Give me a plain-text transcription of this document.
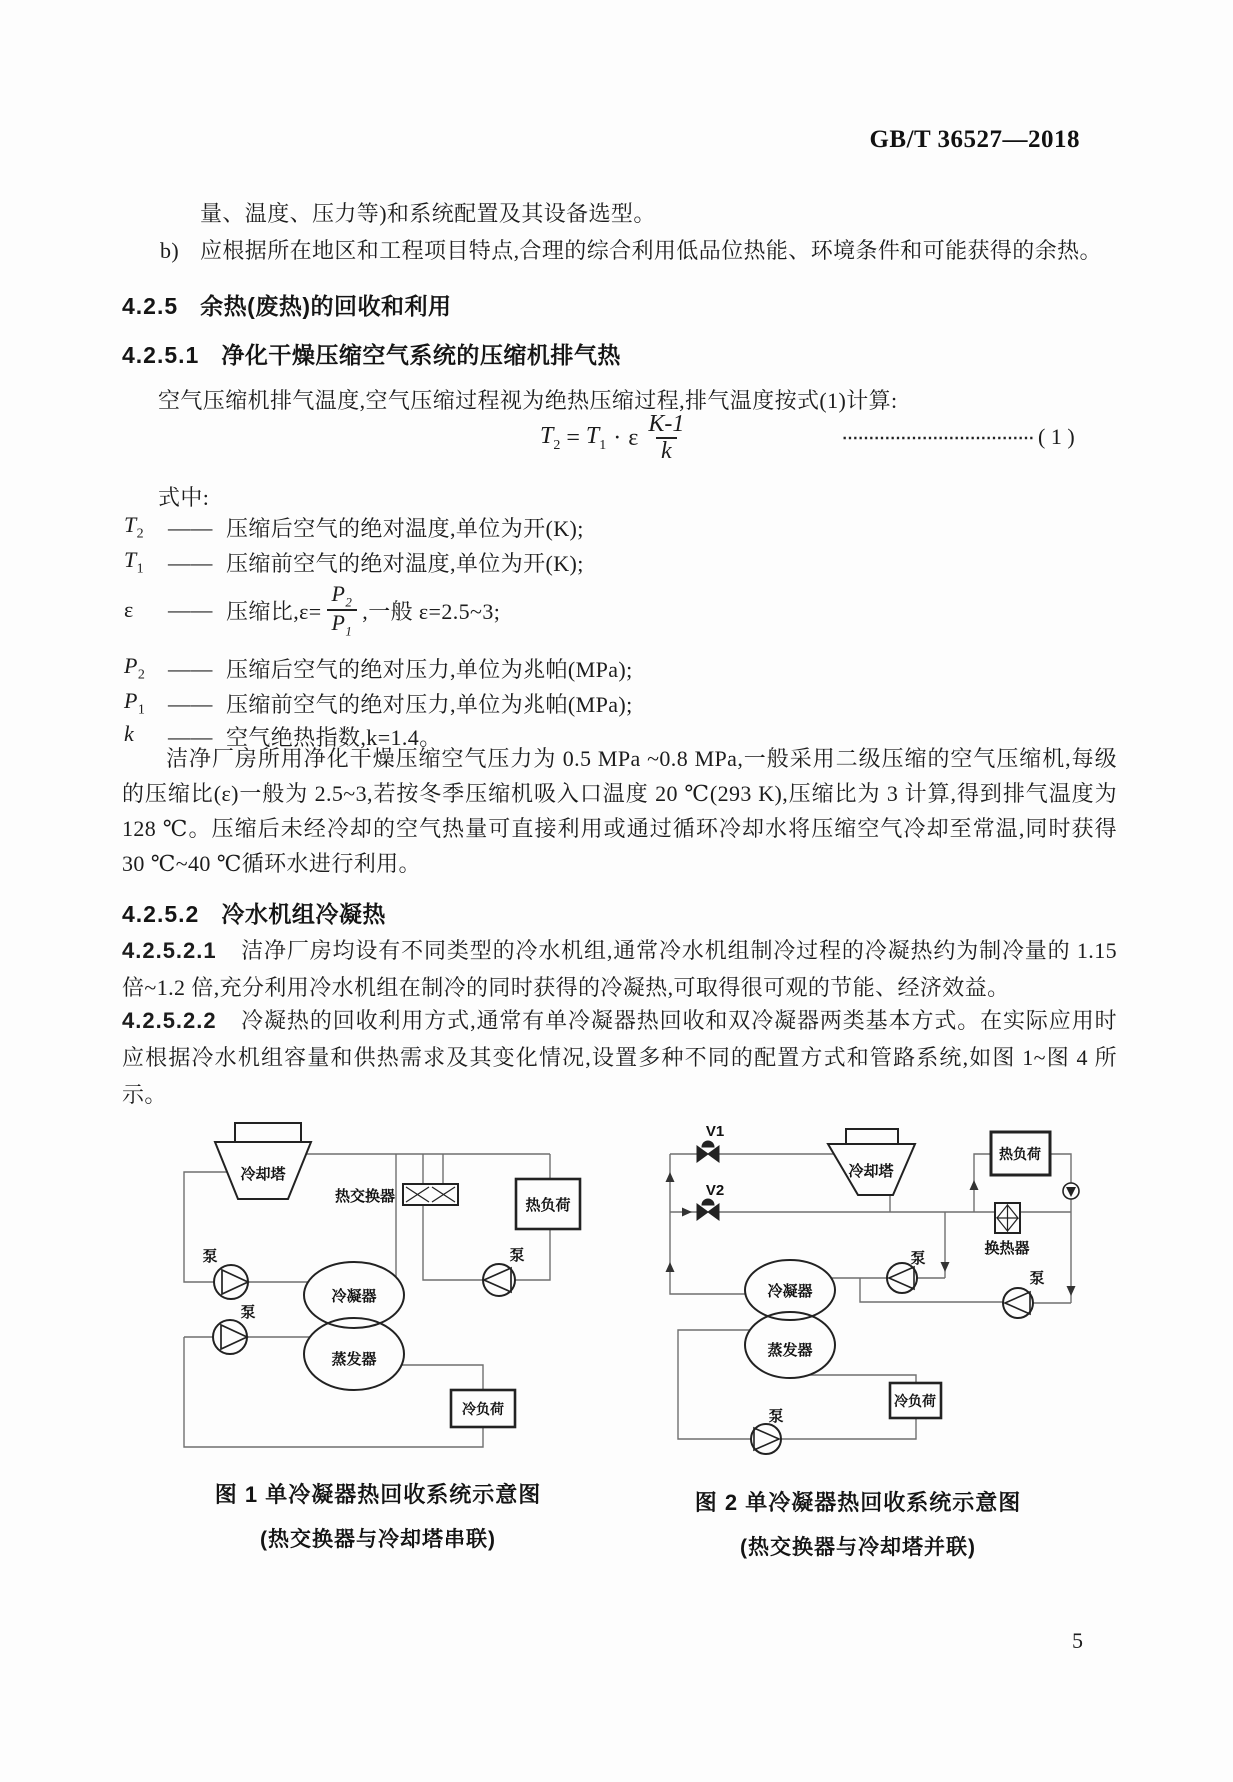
GB/T 36527—2018
量、温度、压力等)和系统配置及其设备选型。
b) 应根据所在地区和工程项目特点,合理的综合利用低品位热能、环境条件和可能获得的余热。
4.2.5 余热(废热)的回收和利用
4.2.5.1 净化干燥压缩空气系统的压缩机排气热
空气压缩机排气温度,空气压缩过程视为绝热压缩过程,排气温度按式(1)计算:
$T_2 = T_1 \cdot \varepsilon \frac{K-1}{k}$	⋯⋯⋯⋯⋯⋯⋯⋯⋯⋯⋯⋯ ( 1 )
式中:
$T_2$	—— 压缩后空气的绝对温度,单位为开(K);
$T_1$	—— 压缩前空气的绝对温度,单位为开(K);
ε	—— 压缩比$,\varepsilon= \frac{P_2}{P_1}$ ,一般 ε=2.5~3;
$P_2$	—— 压缩后空气的绝对压力,单位为兆帕(MPa);
$P_1$	—— 压缩前空气的绝对压力,单位为兆帕(MPa);
k	—— 空气绝热指数,k=1.4。
洁净厂房所用净化干燥压缩空气压力为 0.5 MPa ~0.8 MPa,一般采用二级压缩的空气压缩机,每级的压缩比(ε)一般为 2.5~3,若按冬季压缩机吸入口温度 20 ℃(293 K),压缩比为 3 计算,得到排气温度为 128 ℃。压缩后未经冷却的空气热量可直接利用或通过循环冷却水将压缩空气冷却至常温,同时获得 30 ℃~40 ℃循环水进行利用。
4.2.5.2 冷水机组冷凝热
4.2.5.2.1 洁净厂房均设有不同类型的冷水机组,通常冷水机组制冷过程的冷凝热约为制冷量的 1.15 倍~1.2 倍,充分利用冷水机组在制冷的同时获得的冷凝热,可取得很可观的节能、经济效益。
4.2.5.2.2 冷凝热的回收利用方式,通常有单冷凝器热回收和双冷凝器两类基本方式。在实际应用时应根据冷水机组容量和供热需求及其变化情况,设置多种不同的配置方式和管路系统,如图 1~图 4 所示。
冷却塔
热交换器
热负荷
泵
泵
泵
冷凝器
蒸发器
冷负荷
V1
V2
冷却塔
热负荷
换热器
冷凝器
蒸发器
泵
泵
泵
冷负荷
图 1 单冷凝器热回收系统示意图
(热交换器与冷却塔串联)
图 2 单冷凝器热回收系统示意图
(热交换器与冷却塔并联)
5
